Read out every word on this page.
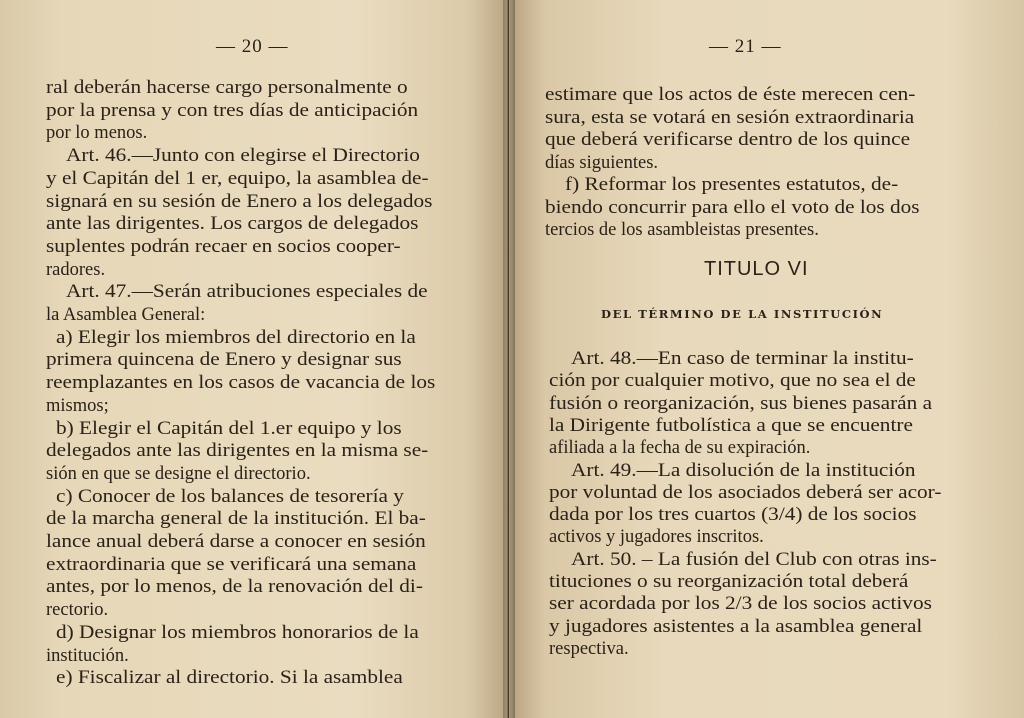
— 20 —
ral deberán hacerse cargo personalmente o
por la prensa y con tres días de anticipación
por lo menos.
Art. 46.—Junto con elegirse el Directorio
y el Capitán del 1 er, equipo, la asamblea de-
signará en su sesión de Enero a los delegados
ante las dirigentes. Los cargos de delegados
suplentes podrán recaer en socios cooper-
radores.
Art. 47.—Serán atribuciones especiales de
la Asamblea General:
a) Elegir los miembros del directorio en la
primera quincena de Enero y designar sus
reemplazantes en los casos de vacancia de los
mismos;
b) Elegir el Capitán del 1.er equipo y los
delegados ante las dirigentes en la misma se-
sión en que se designe el directorio.
c) Conocer de los balances de tesorería y
de la marcha general de la institución. El ba-
lance anual deberá darse a conocer en sesión
extraordinaria que se verificará una semana
antes, por lo menos, de la renovación del di-
rectorio.
d) Designar los miembros honorarios de la
institución.
e) Fiscalizar al directorio. Si la asamblea
— 21 —
estimare que los actos de éste merecen cen-
sura, esta se votará en sesión extraordinaria
que deberá verificarse dentro de los quince
días siguientes.
f) Reformar los presentes estatutos, de-
biendo concurrir para ello el voto de los dos
tercios de los asambleistas presentes.
TITULO VI
DEL TÉRMINO DE LA INSTITUCIÓN
Art. 48.—En caso de terminar la institu-
ción por cualquier motivo, que no sea el de
fusión o reorganización, sus bienes pasarán a
la Dirigente futbolística a que se encuentre
afiliada a la fecha de su expiración.
Art. 49.—La disolución de la institución
por voluntad de los asociados deberá ser acor-
dada por los tres cuartos (3/4) de los socios
activos y jugadores inscritos.
Art. 50. – La fusión del Club con otras ins-
tituciones o su reorganización total deberá
ser acordada por los 2/3 de los socios activos
y jugadores asistentes a la asamblea general
respectiva.
